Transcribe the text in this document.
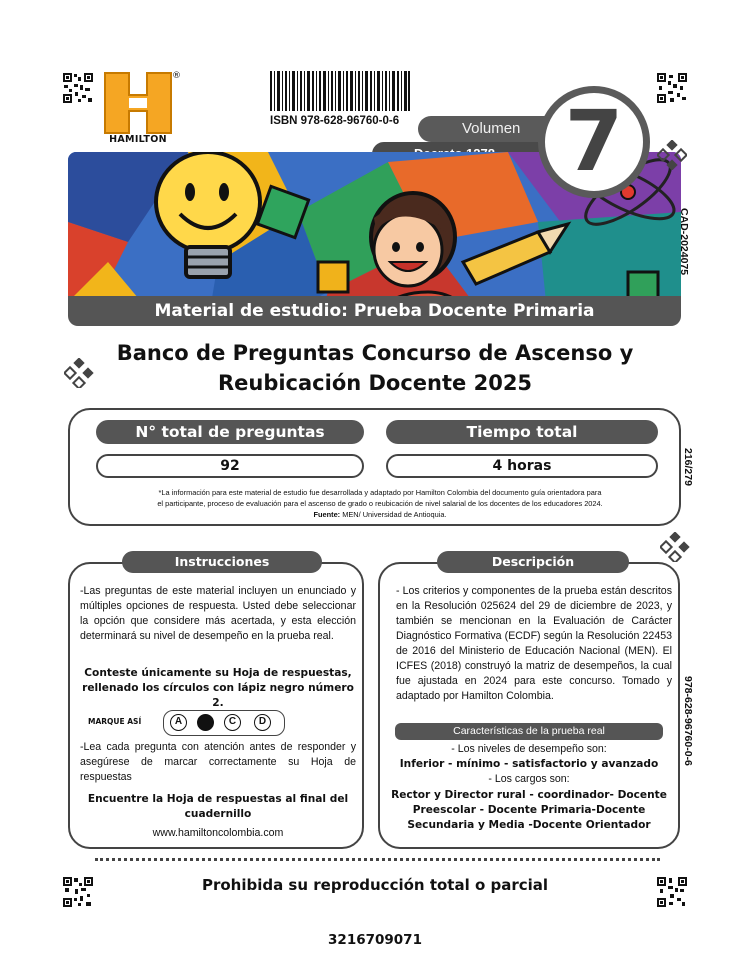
HAMILTON
®
ISBN 978-628-96760-0-6	Volumen 7
Material de estudio: Prueba Docente Primaria
CAD-2024075
216/279
978-628-96760-0-6
Banco de Preguntas Concurso de Ascenso y
Reubicación Docente 2025
N° total de preguntas	Tiempo total
92	4 horas
*La información para este material de estudio fue desarrollada y adaptado por Hamilton Colombia del documento guía orientadora para
el participante, proceso de evaluación para el ascenso de grado o reubicación de nivel salarial de los docentes de los educadores 2024.
Fuente: MEN/ Universidad de Antioquia.
Instrucciones
-Las preguntas de este material incluyen un enunciado y múltiples opciones de respuesta. Usted debe seleccionar la opción que considere más acertada, y esta elección determinará su nivel de desempeño en la prueba real.
Conteste únicamente su Hoja de respuestas,
rellenado los círculos con lápiz negro número 2.
MARQUE ASÍ	A	C	D
-Lea cada pregunta con atención antes de responder y asegúrese de marcar correctamente su Hoja de respuestas
Encuentre la Hoja de respuestas al final del
cuadernillo
www.hamiltoncolombia.com
Descripción
- Los criterios y componentes de la prueba están descritos en la Resolución 025624 del 29 de diciembre de 2023, y también se mencionan en la Evaluación de Carácter Diagnóstico Formativa (ECDF) según la Resolución 22453 de 2016 del Ministerio de Educación Nacional (MEN). El ICFES (2018) construyó la matriz de desempeños, la cual fue ajustada en 2024 para este concurso. Tomado y adaptado por Hamilton Colombia.
Características de la prueba real
- Los niveles de desempeño son:
Inferior - mínimo - satisfactorio y avanzado
- Los cargos son:
Rector y Director rural - coordinador- Docente
Preescolar - Docente Primaria-Docente
Secundaria y Media -Docente Orientador
Prohibida su reproducción total o parcial
3216709071
